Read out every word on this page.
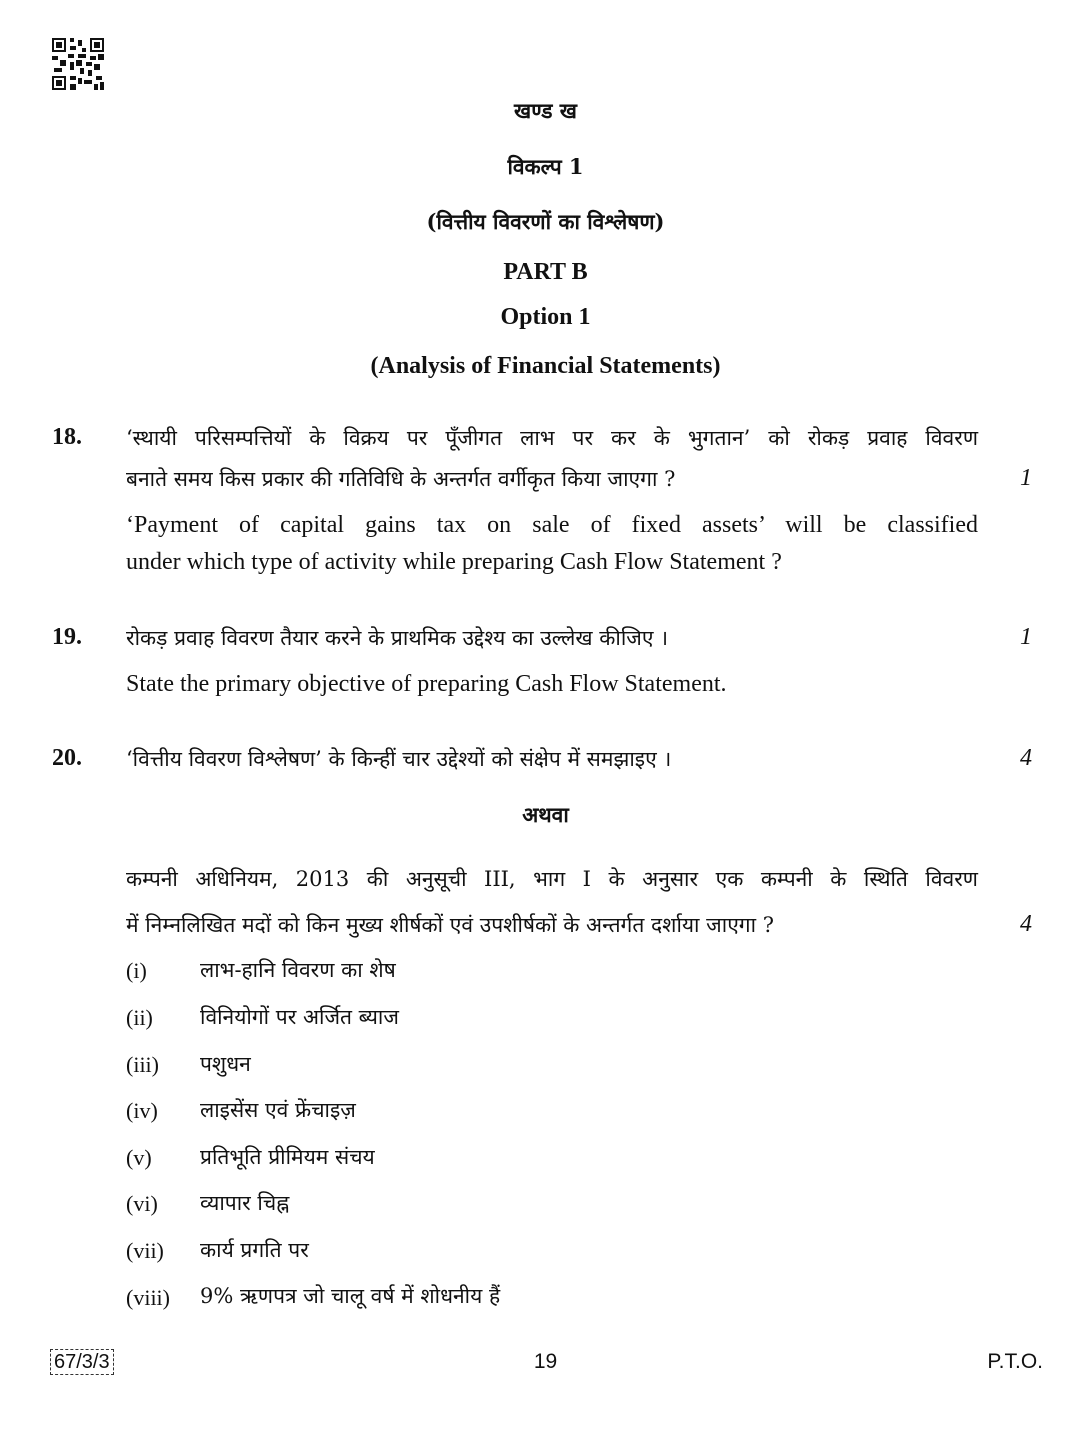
खण्ड ख
विकल्प 1
(वित्तीय विवरणों का विश्लेषण)
PART B
Option 1
(Analysis of Financial Statements)
18. ‘स्थायी परिसम्पत्तियों के विक्रय पर पूँजीगत लाभ पर कर के भुगतान’ को रोकड़ प्रवाह विवरण
बनाते समय किस प्रकार की गतिविधि के अन्तर्गत वर्गीकृत किया जाएगा ?	1
‘Payment of capital gains tax on sale of fixed assets’ will be classified
under which type of activity while preparing Cash Flow Statement ?
19. रोकड़ प्रवाह विवरण तैयार करने के प्राथमिक उद्देश्य का उल्लेख कीजिए ।	1
State the primary objective of preparing Cash Flow Statement.
20. ‘वित्तीय विवरण विश्लेषण’ के किन्हीं चार उद्देश्यों को संक्षेप में समझाइए ।	4
अथवा
कम्पनी अधिनियम, 2013 की अनुसूची III, भाग I के अनुसार एक कम्पनी के स्थिति विवरण
में निम्नलिखित मदों को किन मुख्य शीर्षकों एवं उपशीर्षकों के अन्तर्गत दर्शाया जाएगा ?	4
(i)	लाभ-हानि विवरण का शेष
(ii) विनियोगों पर अर्जित ब्याज
(iii) पशुधन
(iv) लाइसेंस एवं फ्रेंचाइज़
(v) प्रतिभूति प्रीमियम संचय
(vi) व्यापार चिह्न
(vii) कार्य प्रगति पर
(viii) 9% ऋणपत्र जो चालू वर्ष में शोधनीय हैं
67/3/3	19	P.T.O.
